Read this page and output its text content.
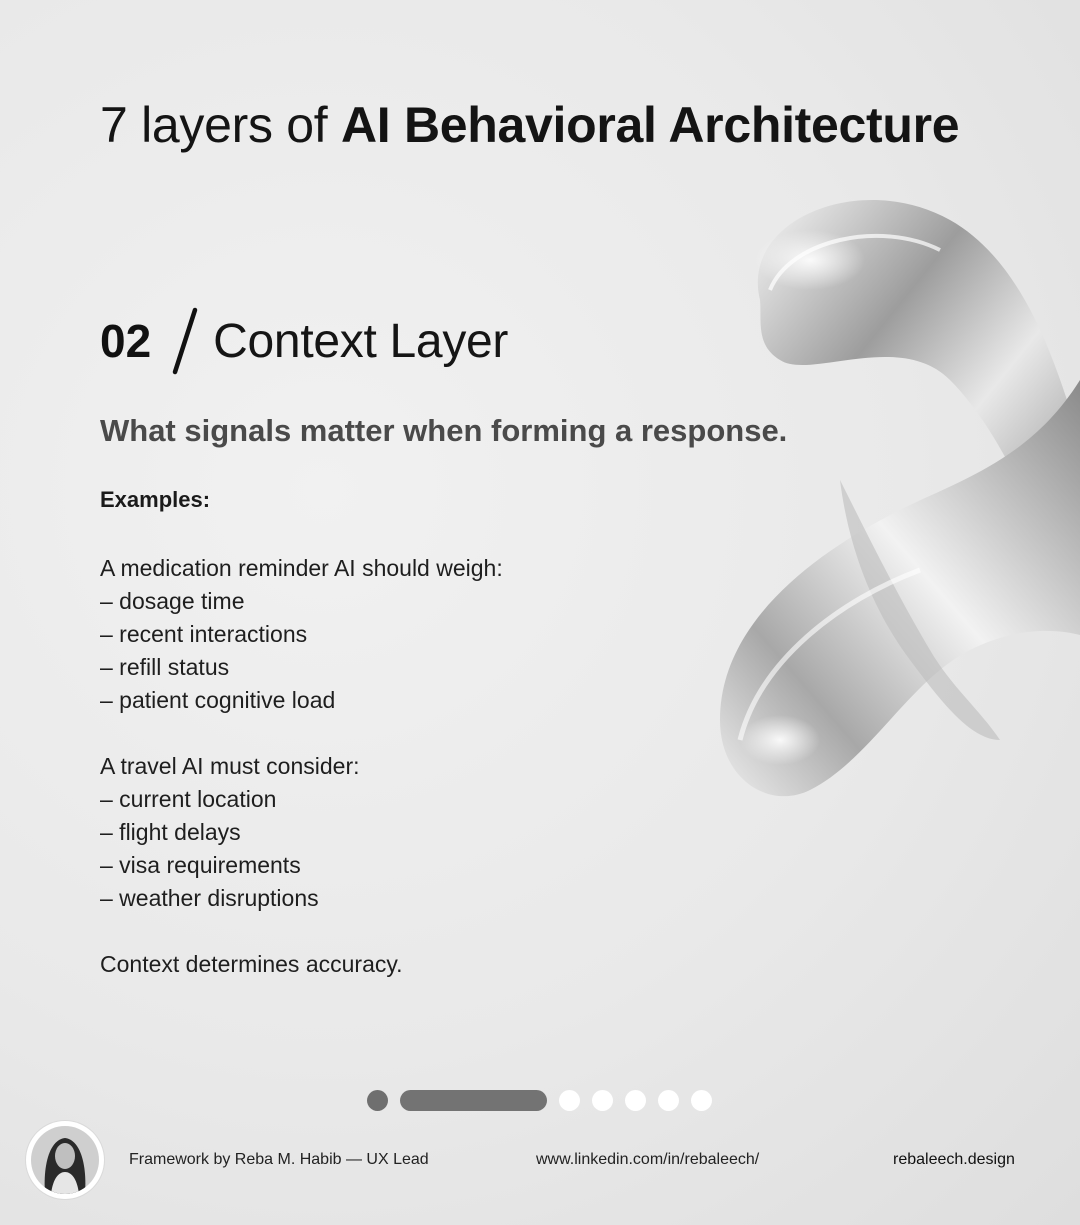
7 layers of AI Behavioral Architecture
02 Context Layer
What signals matter when forming a response.
Examples:
A medication reminder AI should weigh:
– dosage time
– recent interactions
– refill status
– patient cognitive load
A travel AI must consider:
– current location
– flight delays
– visa requirements
– weather disruptions
Context determines accuracy.
Framework by Reba M. Habib — UX Lead	www.linkedin.com/in/rebaleech/	rebaleech.design
